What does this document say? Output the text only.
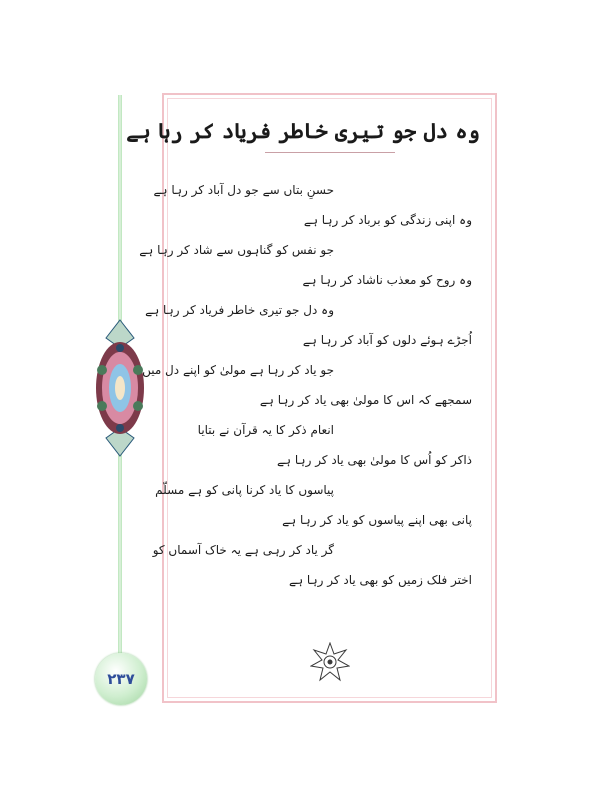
۲۳۷
وہ دل جو تیری خاطر فریاد کر رہا ہے
حسنِ بتاں سے جو دل آباد کر رہا ہے
وہ اپنی زندگی کو برباد کر رہا ہے
جو نفس کو گناہوں سے شاد کر رہا ہے
وہ روح کو معذب ناشاد کر رہا ہے
وہ دل جو تیری خاطر فریاد کر رہا ہے
اُجڑے ہوئے دلوں کو آباد کر رہا ہے
جو یاد کر رہا ہے مولیٰ کو اپنے دل میں
سمجھے کہ اس کا مولیٰ بھی یاد کر رہا ہے
انعام ذکر کا یہ قرآن نے بتایا
ذاکر کو اُس کا مولیٰ بھی یاد کر رہا ہے
پیاسوں کا یاد کرنا پانی کو ہے مسلّم
پانی بھی اپنے پیاسوں کو یاد کر رہا ہے
گر یاد کر رہی ہے یہ خاک آسماں کو
اختر فلک زمیں کو بھی یاد کر رہا ہے
